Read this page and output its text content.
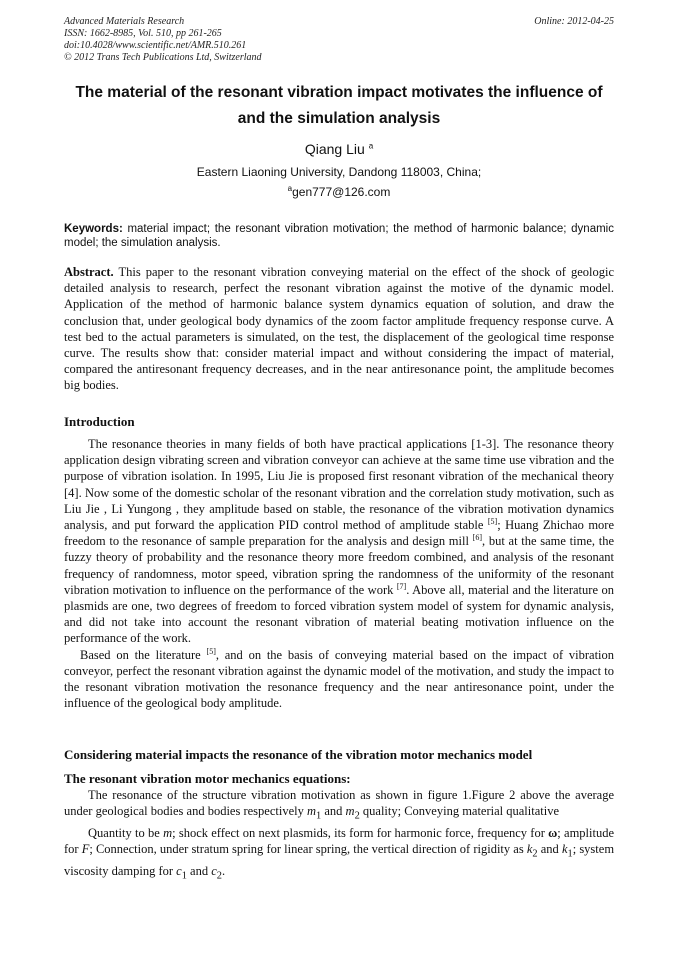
Advanced Materials Research
ISSN: 1662-8985, Vol. 510, pp 261-265
doi:10.4028/www.scientific.net/AMR.510.261
© 2012 Trans Tech Publications Ltd, Switzerland
Online: 2012-04-25
The material of the resonant vibration impact motivates the influence of and the simulation analysis
Qiang Liu $^a$
Eastern Liaoning University, Dandong 118003, China;
$^a$gen777@126.com
Keywords: material impact; the resonant vibration motivation; the method of harmonic balance; dynamic model; the simulation analysis.
Abstract. This paper to the resonant vibration conveying material on the effect of the shock of geologic detailed analysis to research, perfect the resonant vibration against the motive of the dynamic model. Application of the method of harmonic balance system dynamics equation of solution, and draw the conclusion that, under geological body dynamics of the zoom factor amplitude frequency response curve. A test bed to the actual parameters is simulated, on the test, the displacement of the geological time response curve. The results show that: consider material impact and without considering the impact of material, compared the antiresonant frequency decreases, and in the near antiresonance point, the amplitude becomes big bodies.
Introduction

The resonance theories in many fields of both have practical applications [1-3]. The resonance theory application design vibrating screen and vibration conveyor can achieve at the same time use vibration and the purpose of vibration isolation. In 1995, Liu Jie is proposed first resonant vibration of the mechanical theory [4]. Now some of the domestic scholar of the resonant vibration and the correlation study motivation, such as Liu Jie , Li Yungong , they amplitude based on stable, the resonance of the vibration motivation dynamics analysis, and put forward the application PID control method of amplitude stable [5]; Huang Zhichao more freedom to the resonance of sample preparation for the analysis and design mill [6], but at the same time, the fuzzy theory of probability and the resonance theory more freedom combined, and analysis of the resonant frequency of randomness, motor speed, vibration spring the randomness of the uniformity of the resonant vibration motivation to influence on the performance of the work [7]. Above all, material and the literature on plasmids are one, two degrees of freedom to forced vibration system model of system for dynamic analysis, and did not take into account the resonant vibration of material beating motivation influence on the performance of the work.

Based on the literature [5], and on the basis of conveying material based on the impact of vibration conveyor, perfect the resonant vibration against the dynamic model of the motivation, and study the impact to the resonant vibration motivation the resonance frequency and the near antiresonance point, under the influence of the geological body amplitude.

Considering material impacts the resonance of the vibration motor mechanics model
The resonant vibration motor mechanics equations:

The resonance of the structure vibration motivation as shown in figure 1.Figure 2 above the average under geological bodies and bodies respectively $m_1$ and $m_2$ quality; Conveying material qualitative

Quantity to be m; shock effect on next plasmids, its form for harmonic force, frequency for ω; amplitude for F; Connection, under stratum spring for linear spring, the vertical direction of rigidity as $k_2$ and $k_1$; system viscosity damping for $c_1$ and $c_2$.
